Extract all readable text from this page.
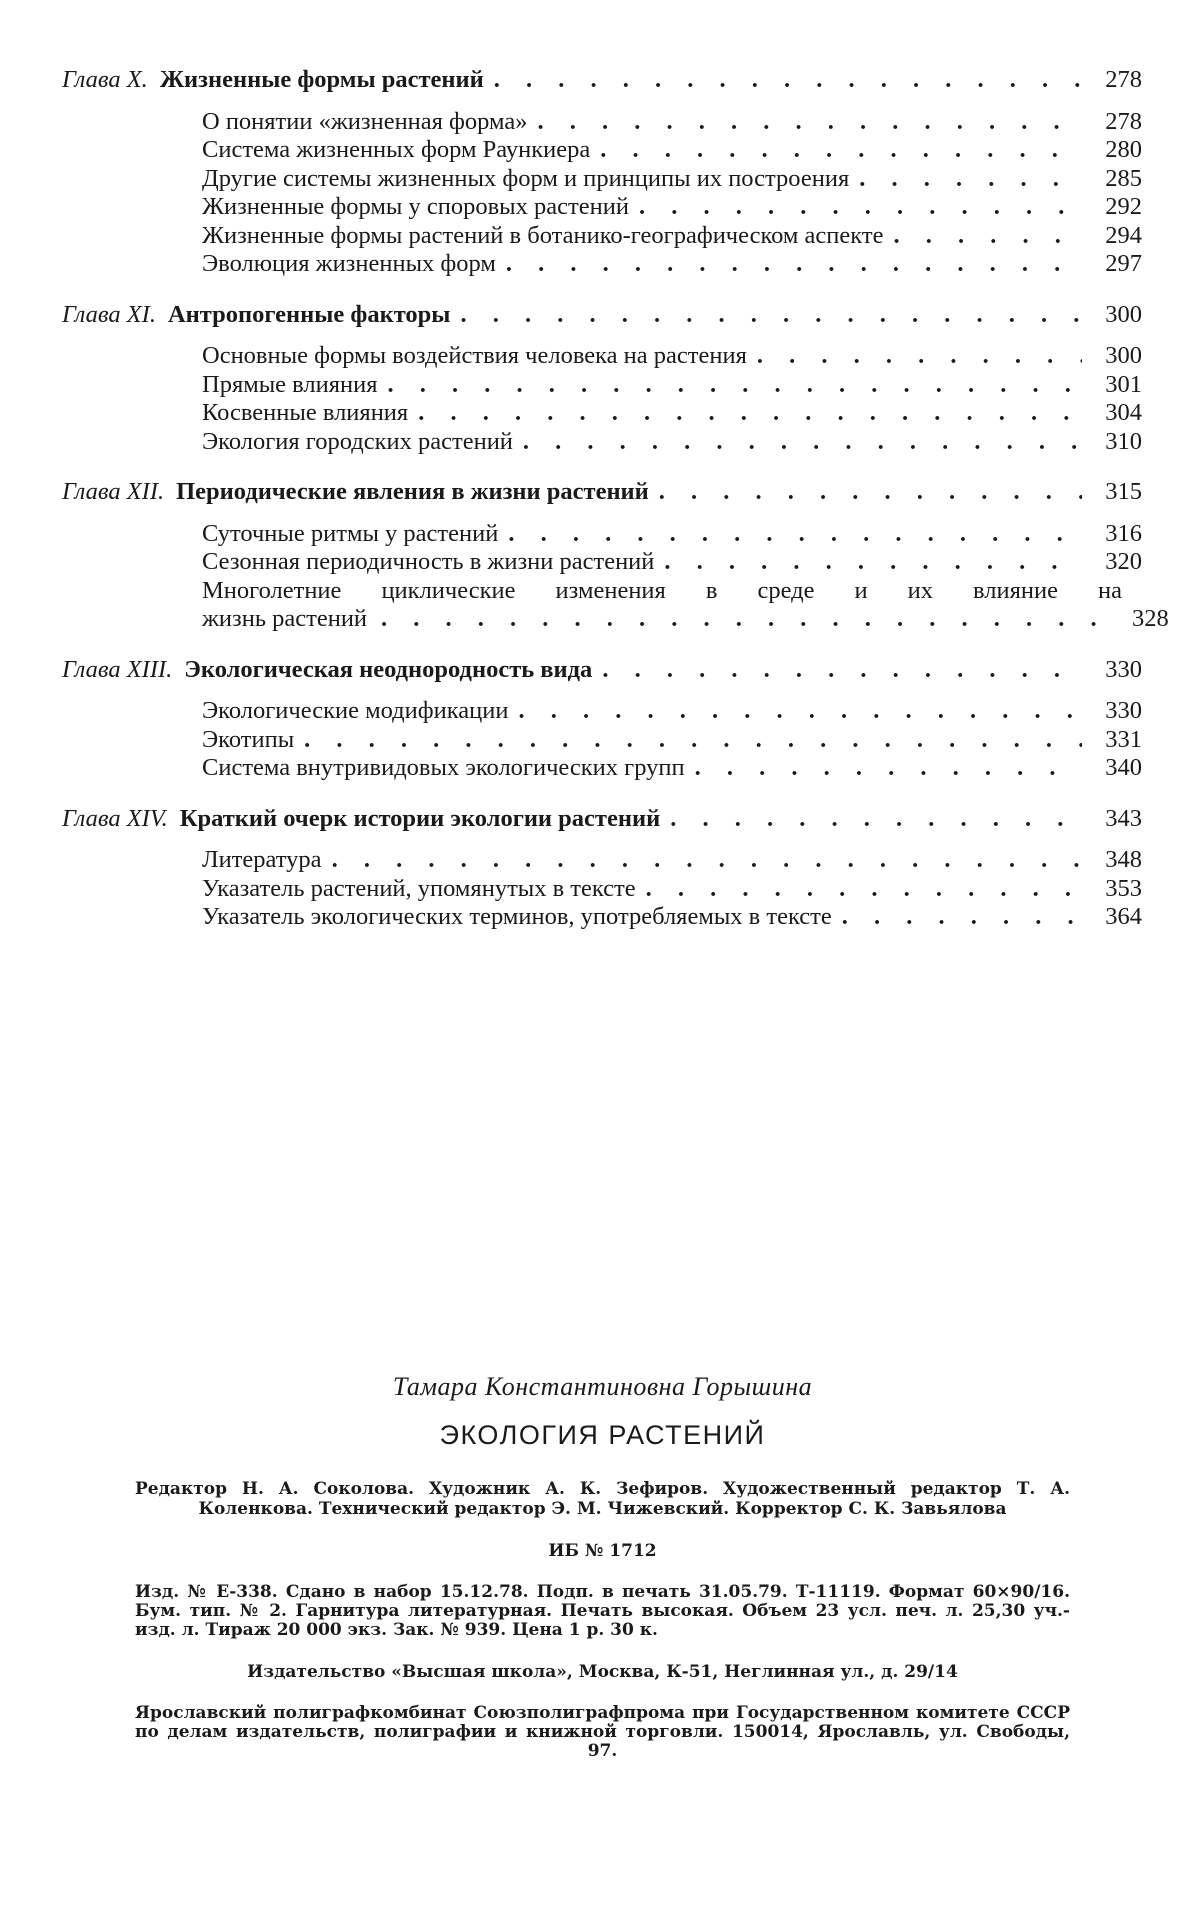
Глава X. Жизненные формы растений . . .	278
О понятии «жизненная форма» . . .	278
Система жизненных форм Раункиера . . .	280
Другие системы жизненных форм и принципы их построения . . .	285
Жизненные формы у споровых растений . . .	292
Жизненные формы растений в ботанико-географическом аспекте . . .	294
Эволюция жизненных форм . . .	297
Глава XI. Антропогенные факторы . . .	300
Основные формы воздействия человека на растения . . .	300
Прямые влияния . . .	301
Косвенные влияния . . .	304
Экология городских растений . . .	310
Глава XII. Периодические явления в жизни растений . . .	315
Суточные ритмы у растений . . .	316
Сезонная периодичность в жизни растений . . .	320
Многолетние циклические изменения в среде и их влияние на
жизнь растений . . .	328
Глава XIII. Экологическая неоднородность вида . . .	330
Экологические модификации . . .	330
Экотипы . . .	331
Система внутривидовых экологических групп . . .	340
Глава XIV. Краткий очерк истории экологии растений . . .	343
Литература . . .	348
Указатель растений, упомянутых в тексте . . .	353
Указатель экологических терминов, употребляемых в тексте . . .	364
Тамара Константиновна Горышина
ЭКОЛОГИЯ РАСТЕНИЙ
Редактор Н. А. Соколова. Художник А. К. Зефиров. Художественный редактор Т. А. Коленкова. Технический редактор Э. М. Чижевский. Корректор С. К. Завьялова
ИБ № 1712
Изд. № Е-338. Сдано в набор 15.12.78. Подп. в печать 31.05.79. Т-11119. Формат 60×90/16. Бум. тип. № 2. Гарнитура литературная. Печать высокая. Объем 23 усл. печ. л. 25,30 уч.-изд. л. Тираж 20 000 экз. Зак. № 939. Цена 1 р. 30 к.
Издательство «Высшая школа», Москва, К-51, Неглинная ул., д. 29/14
Ярославский полиграфкомбинат Союзполиграфпрома при Государственном комитете СССР по делам издательств, полиграфии и книжной торговли. 150014, Ярославль, ул. Свободы, 97.
